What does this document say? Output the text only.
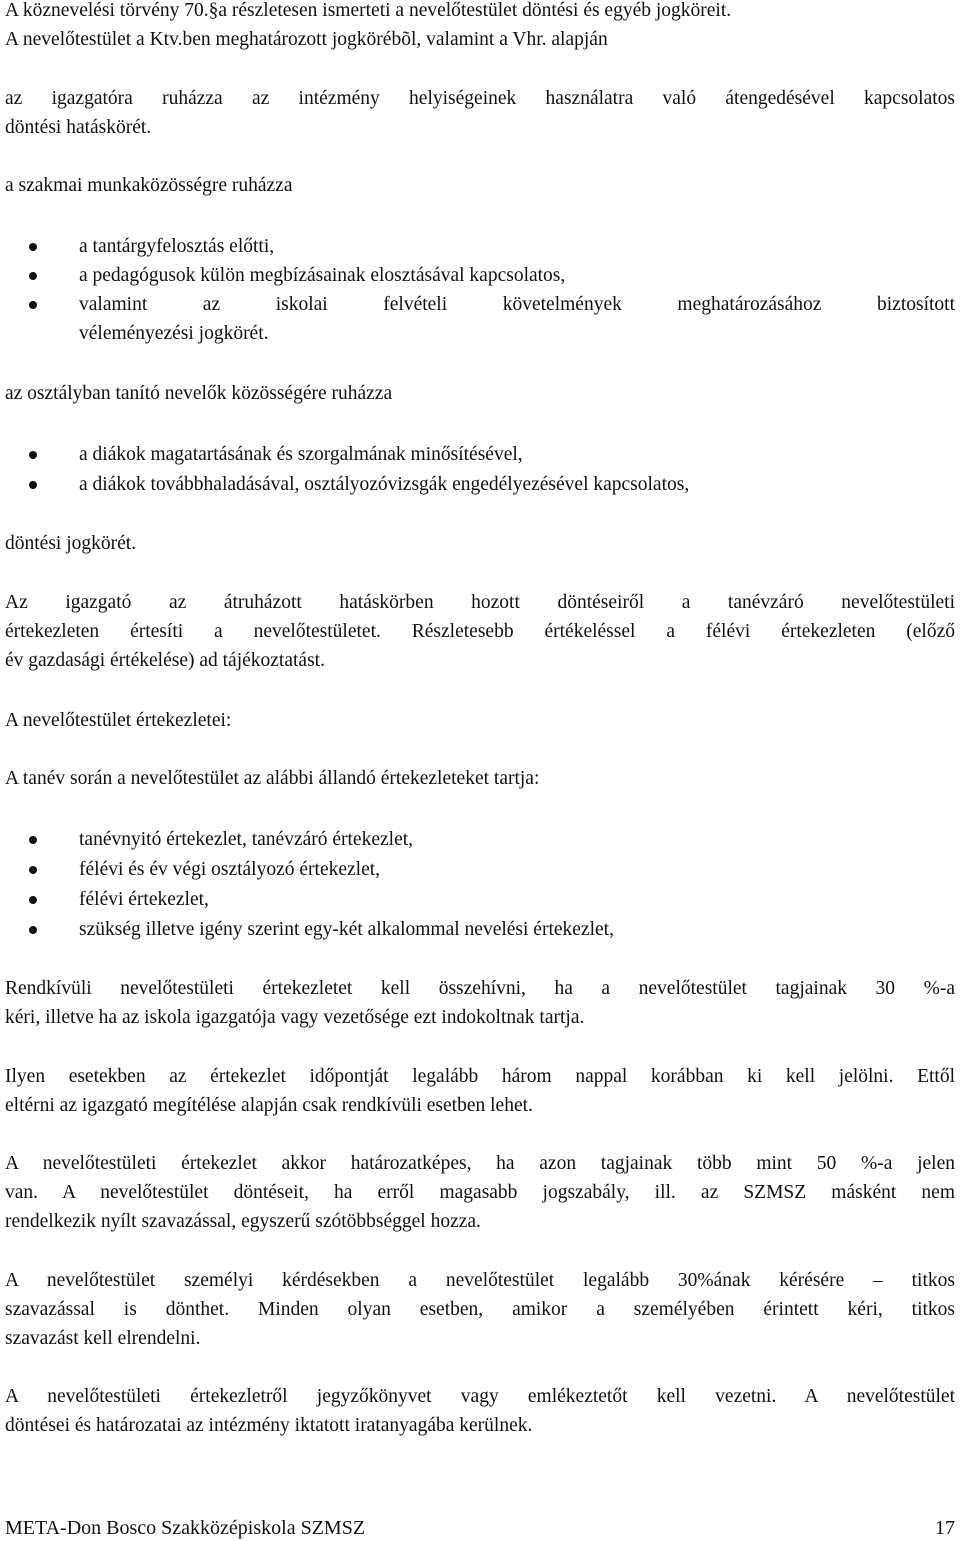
A köznevelési törvény 70.§a részletesen ismerteti a nevelőtestület döntési és egyéb jogköreit.
A nevelőtestület a Ktv.ben meghatározott jogkörébõl, valamint a Vhr. alapján
az igazgatóra ruházza az intézmény helyiségeinek használatra való átengedésével kapcsolatos
döntési hatáskörét.
a szakmai munkaközösségre ruházza
a tantárgyfelosztás előtti,
a pedagógusok külön megbízásainak elosztásával kapcsolatos,
valamint az iskolai felvételi követelmények meghatározásához biztosított
véleményezési jogkörét.
az osztályban tanító nevelők közösségére ruházza
a diákok magatartásának és szorgalmának minősítésével,
a diákok továbbhaladásával, osztályozóvizsgák engedélyezésével kapcsolatos,
döntési jogkörét.
Az igazgató az átruházott hatáskörben hozott döntéseiről a tanévzáró nevelőtestületi
értekezleten értesíti a nevelőtestületet. Részletesebb értékeléssel a félévi értekezleten (előző
év gazdasági értékelése) ad tájékoztatást.
A nevelőtestület értekezletei:
A tanév során a nevelőtestület az alábbi állandó értekezleteket tartja:
tanévnyitó értekezlet, tanévzáró értekezlet,
félévi és év végi osztályozó értekezlet,
félévi értekezlet,
szükség illetve igény szerint egy-két alkalommal nevelési értekezlet,
Rendkívüli nevelőtestületi értekezletet kell összehívni, ha a nevelőtestület tagjainak 30 %-a
kéri, illetve ha az iskola igazgatója vagy vezetősége ezt indokoltnak tartja.
Ilyen esetekben az értekezlet időpontját legalább három nappal korábban ki kell jelölni. Ettől
eltérni az igazgató megítélése alapján csak rendkívüli esetben lehet.
A nevelőtestületi értekezlet akkor határozatképes, ha azon tagjainak több mint 50 %-a jelen
van. A nevelőtestület döntéseit, ha erről magasabb jogszabály, ill. az SZMSZ másként nem
rendelkezik nyílt szavazással, egyszerű szótöbbséggel hozza.
A nevelőtestület személyi kérdésekben a nevelőtestület legalább 30%ának kérésére – titkos
szavazással is dönthet. Minden olyan esetben, amikor a személyében érintett kéri, titkos
szavazást kell elrendelni.
A nevelőtestületi értekezletről jegyzőkönyvet vagy emlékeztetőt kell vezetni. A nevelőtestület
döntései és határozatai az intézmény iktatott iratanyagába kerülnek.
META-Don Bosco Szakközépiskola SZMSZ	17
